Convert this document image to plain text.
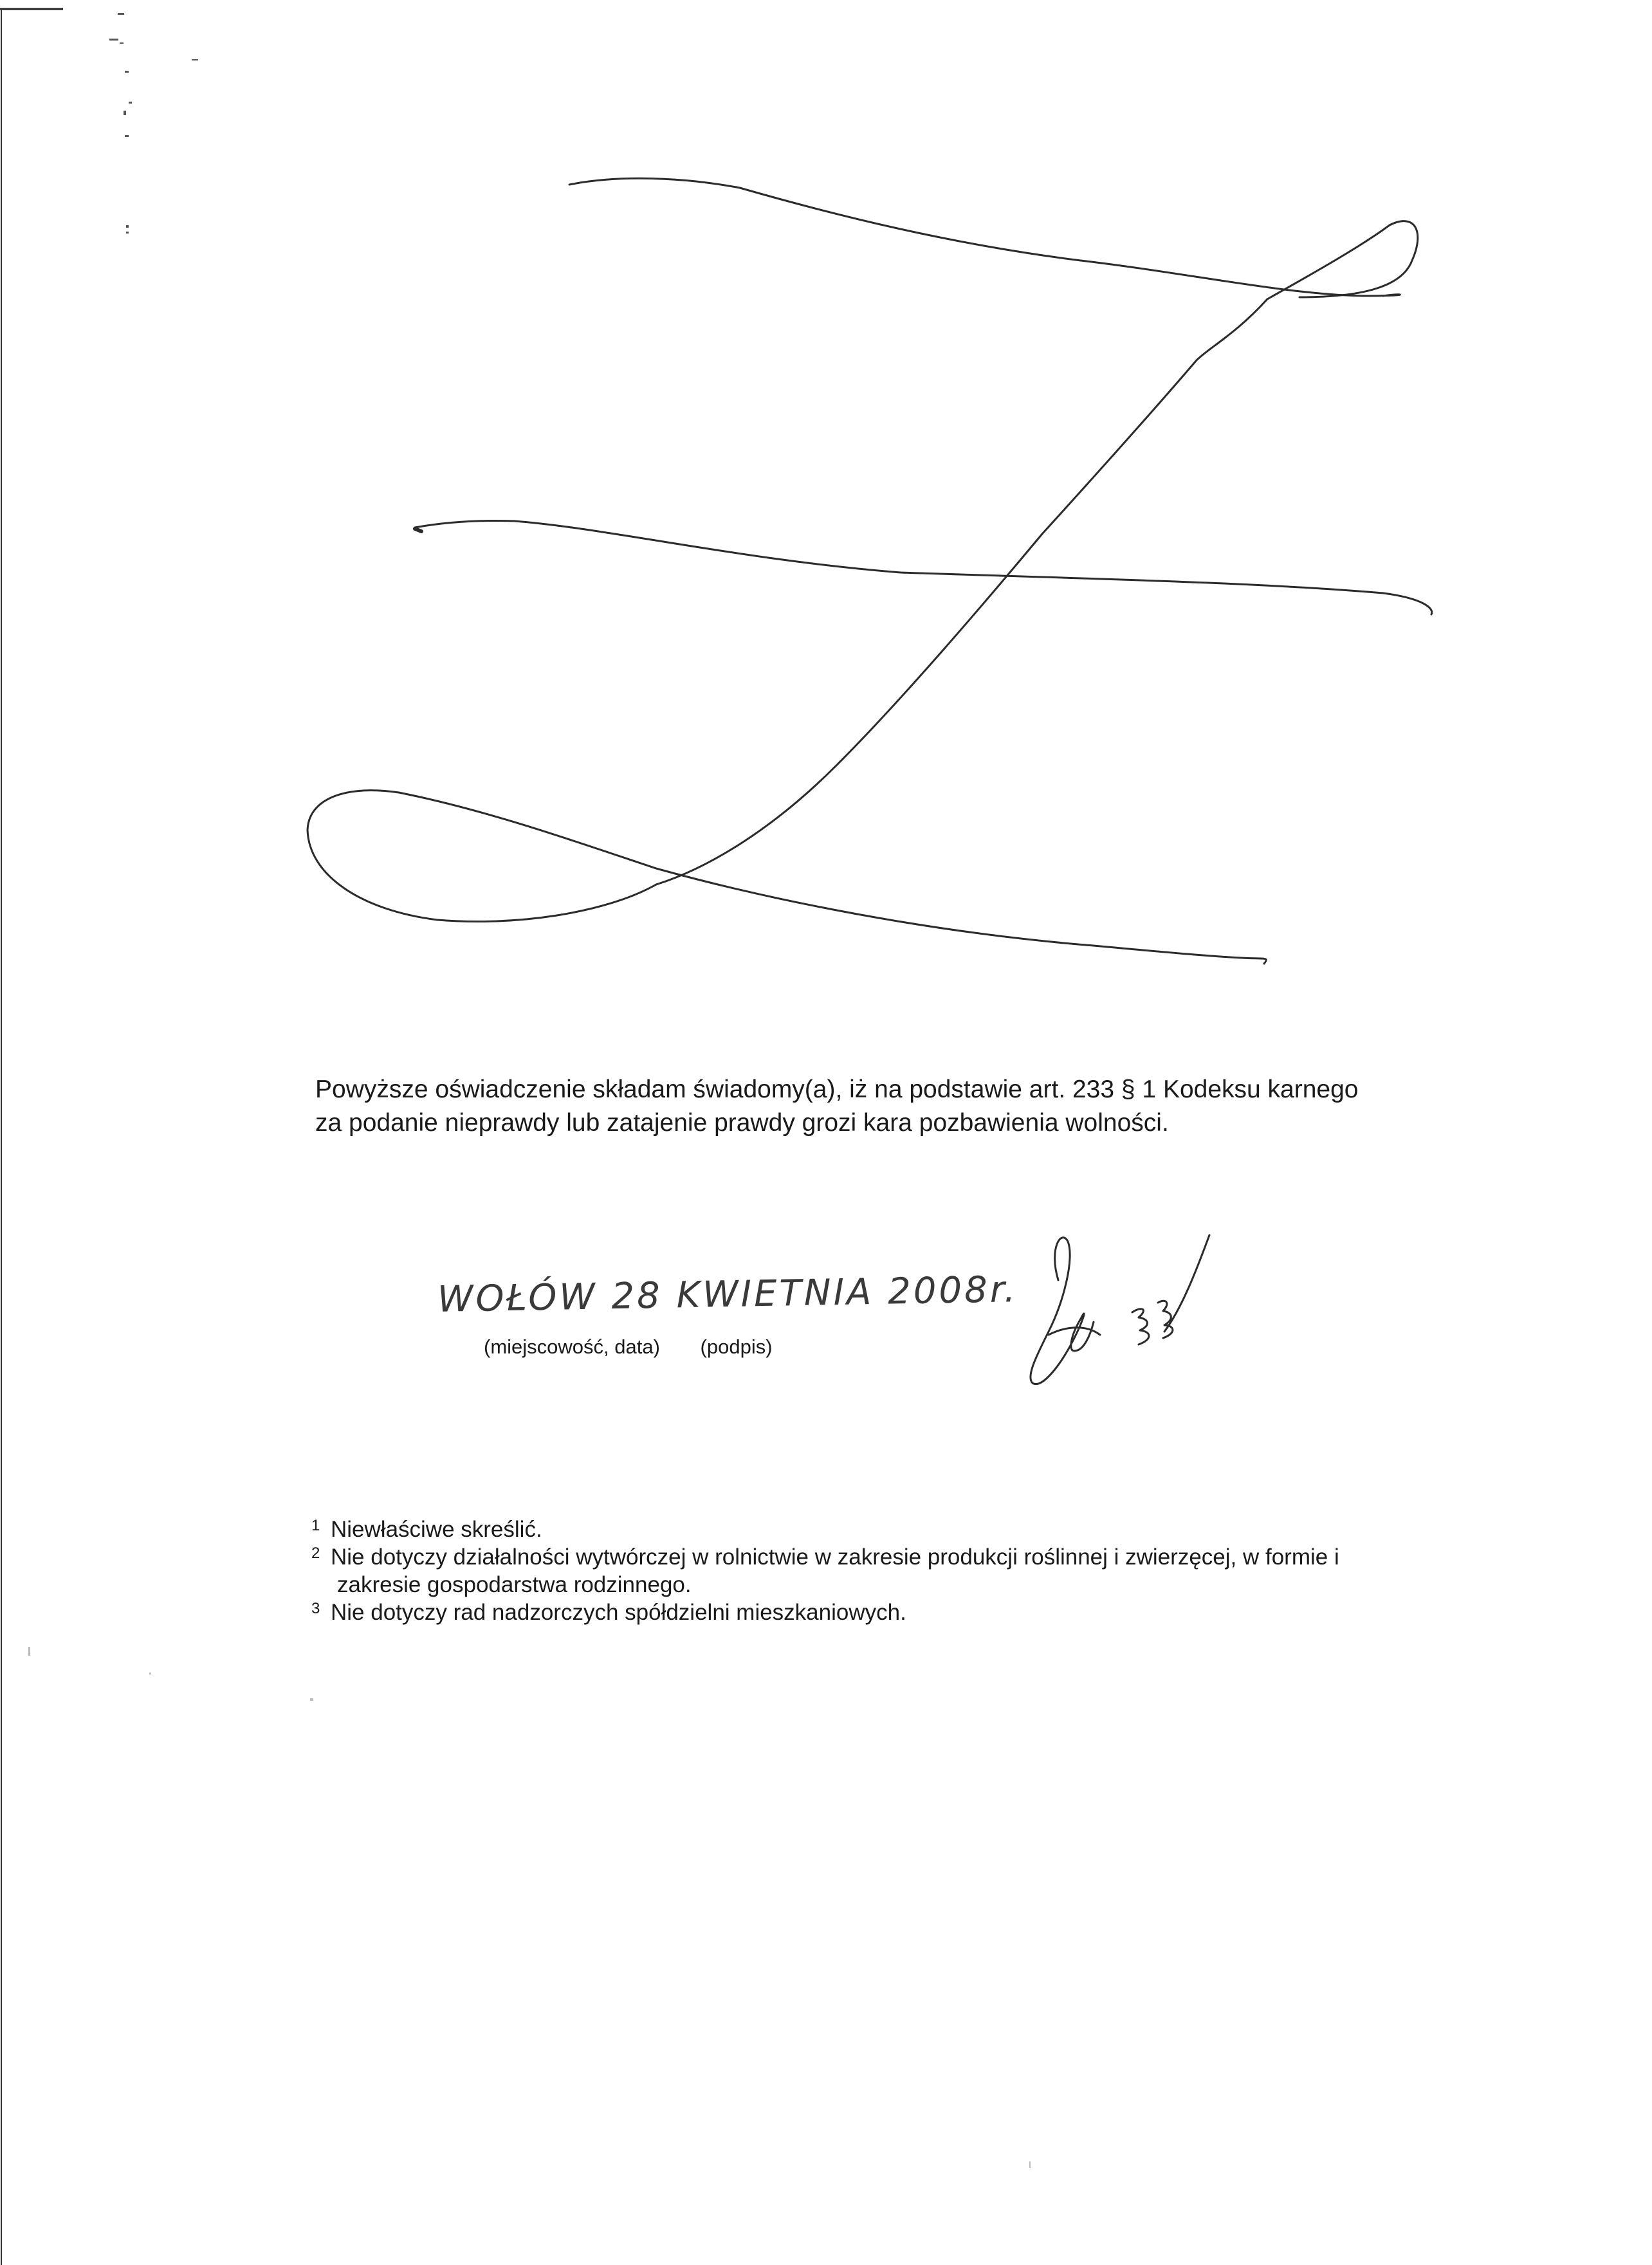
Powyższe oświadczenie składam świadomy(a), iż na podstawie art. 233 § 1 Kodeksu karnego

za podanie nieprawdy lub zatajenie prawdy grozi kara pozbawienia wolności.

WOŁÓW 28 KWIETNIA 2008r.
(miejscowość, data) (podpis)

1 Niewłaściwe skreślić.

2 Nie dotyczy działalności wytwórczej w rolnictwie w zakresie produkcji roślinnej i zwierzęcej, w formie i
zakresie gospodarstwa rodzinnego.

3 Nie dotyczy rad nadzorczych spółdzielni mieszkaniowych.
